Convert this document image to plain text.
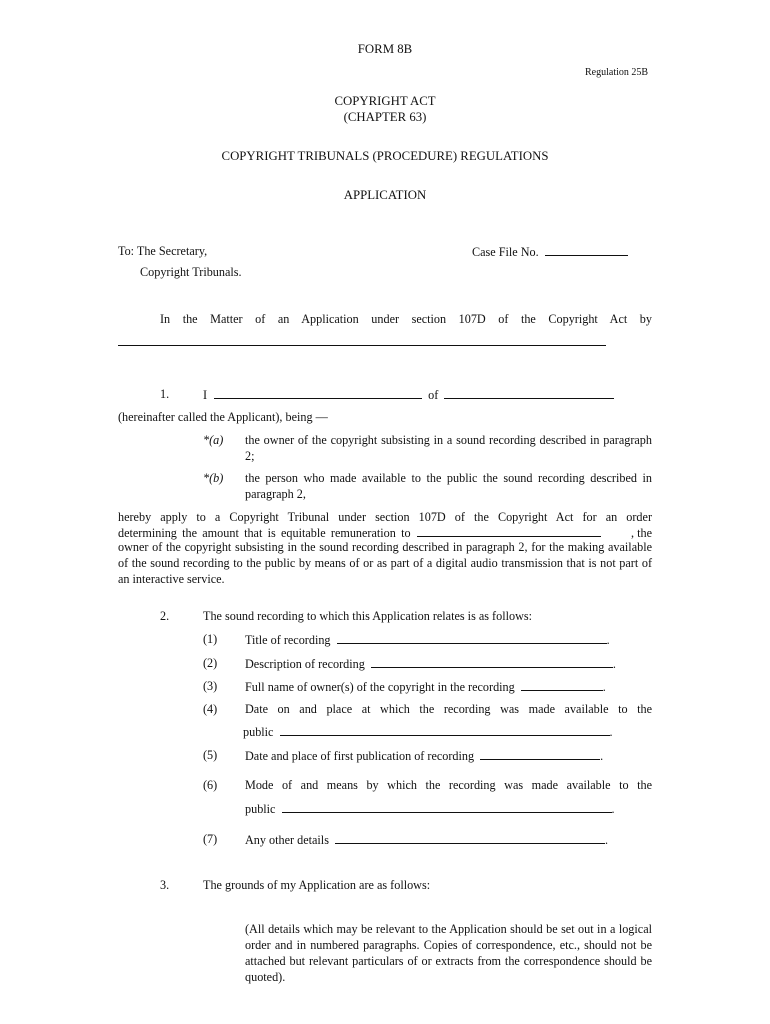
FORM 8B
Regulation 25B
COPYRIGHT ACT
(CHAPTER 63)
COPYRIGHT TRIBUNALS (PROCEDURE) REGULATIONS
APPLICATION
To: The Secretary,
Copyright Tribunals.
Case File No.
In the Matter of an Application under section 107D of the Copyright Act by
1.	I	of
(hereinafter called the Applicant), being —
*(a) the owner of the copyright subsisting in a sound recording described in paragraph 2;
*(b) the person who made available to the public the sound recording described in paragraph 2,
hereby apply to a Copyright Tribunal under section 107D of the Copyright Act for an order
determining the amount that is equitable remuneration to	, the
owner of the copyright subsisting in the sound recording described in paragraph 2, for the making available of the sound recording to the public by means of or as part of a digital audio transmission that is not part of an interactive service.
2.	The sound recording to which this Application relates is as follows:
(1) Title of recording	.
(2) Description of recording	.
(3) Full name of owner(s) of the copyright in the recording	.
(4) Date on and place at which the recording was made available to the
public	.
(5) Date and place of first publication of recording	.
(6) Mode of and means by which the recording was made available to the
public	.
(7) Any other details	.
3.	The grounds of my Application are as follows:
(All details which may be relevant to the Application should be set out in a logical order and in numbered paragraphs. Copies of correspondence, etc., should not be attached but relevant particulars of or extracts from the correspondence should be quoted).
